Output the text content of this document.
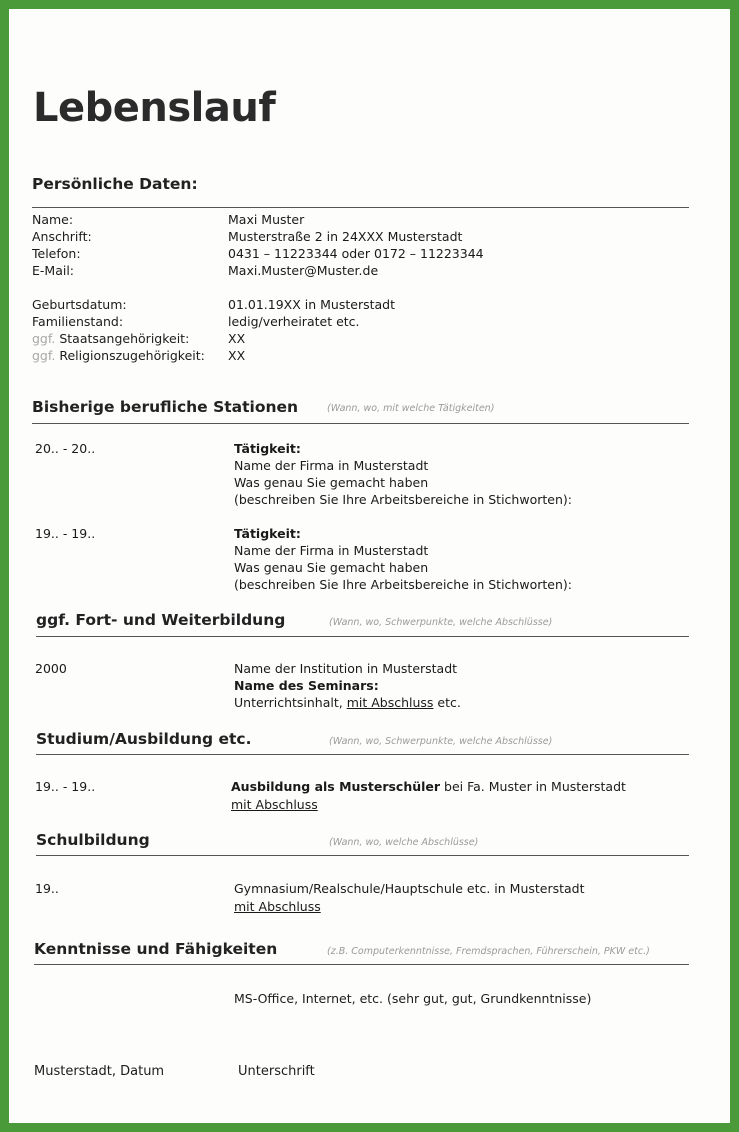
Lebenslauf
Persönliche Daten:
Name:	Maxi Muster
Anschrift:	Musterstraße 2 in 24XXX Musterstadt
Telefon:	0431 – 11223344 oder 0172 – 11223344
E-Mail:	Maxi.Muster@Muster.de
Geburtsdatum:	01.01.19XX in Musterstadt
Familienstand:	ledig/verheiratet etc.
ggf. Staatsangehörigkeit:	XX
ggf. Religionszugehörigkeit: XX
Bisherige berufliche Stationen	(Wann, wo, mit welche Tätigkeiten)
20.. - 20..	Tätigkeit:
Name der Firma in Musterstadt
Was genau Sie gemacht haben
(beschreiben Sie Ihre Arbeitsbereiche in Stichworten):
19.. - 19..	Tätigkeit:
Name der Firma in Musterstadt
Was genau Sie gemacht haben
(beschreiben Sie Ihre Arbeitsbereiche in Stichworten):
ggf. Fort- und Weiterbildung	(Wann, wo, Schwerpunkte, welche Abschlüsse)
2000	Name der Institution in Musterstadt
Name des Seminars:
Unterrichtsinhalt, mit Abschluss etc.
Studium/Ausbildung etc.	(Wann, wo, Schwerpunkte, welche Abschlüsse)
19.. - 19..	Ausbildung als Musterschüler bei Fa. Muster in Musterstadt
mit Abschluss
Schulbildung	(Wann, wo, welche Abschlüsse)
19..	Gymnasium/Realschule/Hauptschule etc. in Musterstadt
mit Abschluss
Kenntnisse und Fähigkeiten	(z.B. Computerkenntnisse, Fremdsprachen, Führerschein, PKW etc.)
MS-Office, Internet, etc. (sehr gut, gut, Grundkenntnisse)
Musterstadt, Datum	Unterschrift
